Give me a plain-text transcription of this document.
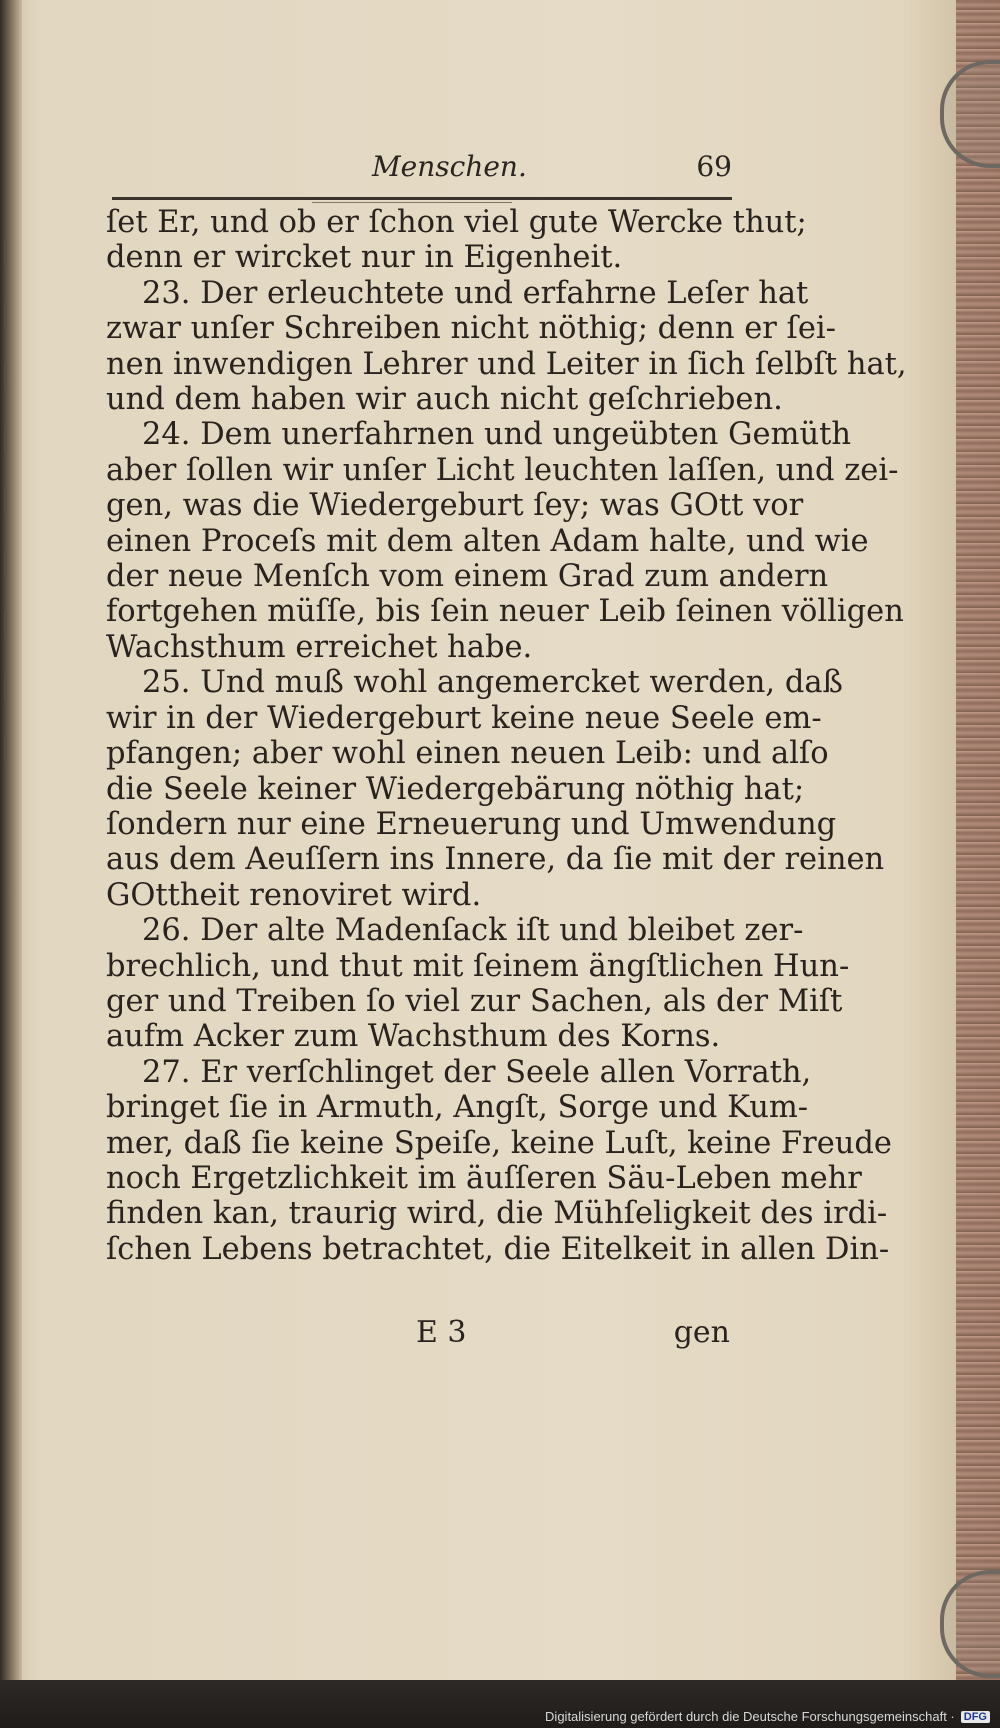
Menschen.	69
ſet Er, und ob er ſchon viel gute Wercke thut;
denn er wircket nur in Eigenheit.
23. Der erleuchtete und erfahrne Leſer hat
zwar unſer Schreiben nicht nöthig; denn er ſei-
nen inwendigen Lehrer und Leiter in ſich ſelbſt hat,
und dem haben wir auch nicht geſchrieben.
24. Dem unerfahrnen und ungeübten Gemüth
aber ſollen wir unſer Licht leuchten laſſen, und zei-
gen, was die Wiedergeburt ſey; was GOtt vor
einen Proceſs mit dem alten Adam halte, und wie
der neue Menſch vom einem Grad zum andern
fortgehen müſſe, bis ſein neuer Leib ſeinen völligen
Wachsthum erreichet habe.
25. Und muß wohl angemercket werden, daß
wir in der Wiedergeburt keine neue Seele em-
pfangen; aber wohl einen neuen Leib: und alſo
die Seele keiner Wiedergebärung nöthig hat;
ſondern nur eine Erneuerung und Umwendung
aus dem Aeuſſern ins Innere, da ſie mit der reinen
GOttheit renoviret wird.
26. Der alte Madenſack iſt und bleibet zer-
brechlich, und thut mit ſeinem ängſtlichen Hun-
ger und Treiben ſo viel zur Sachen, als der Miſt
aufm Acker zum Wachsthum des Korns.
27. Er verſchlinget der Seele allen Vorrath,
bringet ſie in Armuth, Angſt, Sorge und Kum-
mer, daß ſie keine Speiſe, keine Luſt, keine Freude
noch Ergetzlichkeit im äuſſeren Säu-Leben mehr
finden kan, traurig wird, die Mühſeligkeit des irdi-
ſchen Lebens betrachtet, die Eitelkeit in allen Din-
E 3	gen
Digitalisierung gefördert durch die Deutsche Forschungsgemeinschaft · DFG
